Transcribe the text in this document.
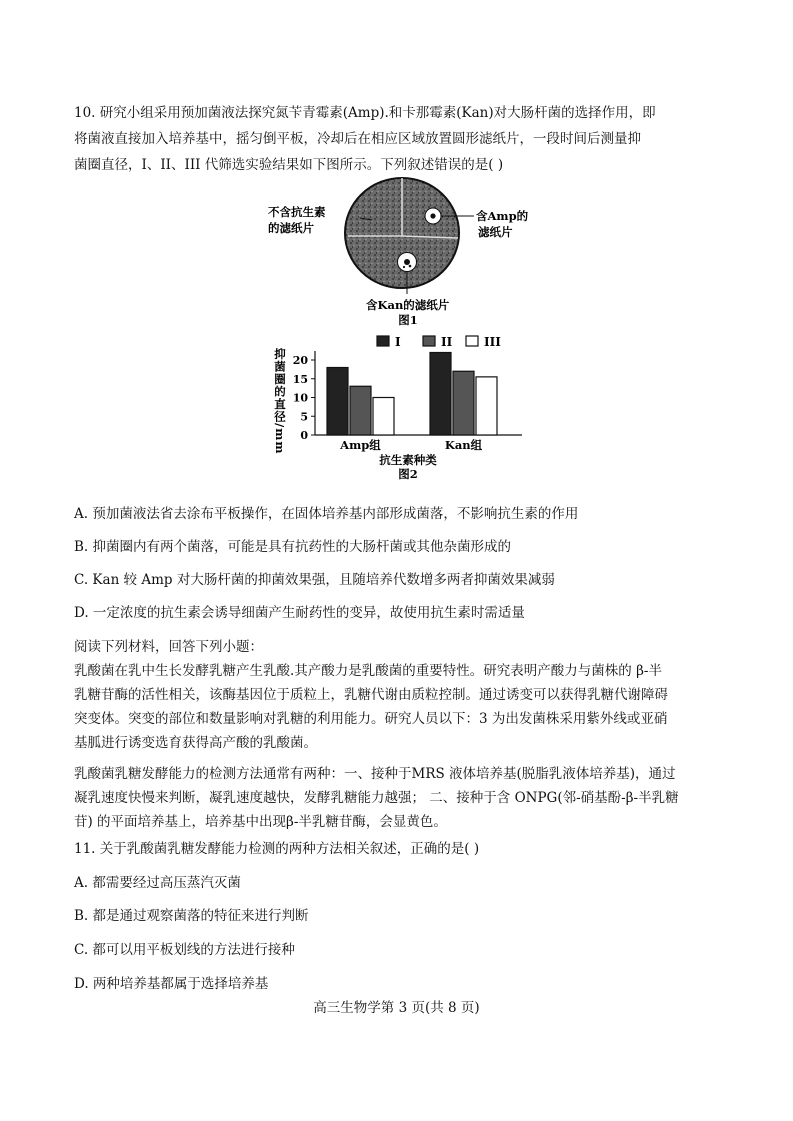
10. 研究小组采用预加菌液法探究氮苄青霉素(Amp).和卡那霉素(Kan)对大肠杆菌的选择作用，即
将菌液直接加入培养基中，摇匀倒平板，冷却后在相应区域放置圆形滤纸片，一段时间后测量抑
菌圈直径，I、II、III 代筛选实验结果如下图所示。下列叙述错误的是( )
不含抗生素
的滤纸片
含Amp的
滤纸片
含Kan的滤纸片
图1
I	II	III
抑菌圈的直径/mm 0
5
10
15
20
Amp组	Kan组
抗生素种类
图2
A. 预加菌液法省去涂布平板操作，在固体培养基内部形成菌落，不影响抗生素的作用
B. 抑菌圈内有两个菌落，可能是具有抗药性的大肠杆菌或其他杂菌形成的
C. Kan 较 Amp 对大肠杆菌的抑菌效果强，且随培养代数增多两者抑菌效果减弱
D. 一定浓度的抗生素会诱导细菌产生耐药性的变异，故使用抗生素时需适量
阅读下列材料，回答下列小题：
乳酸菌在乳中生长发酵乳糖产生乳酸.其产酸力是乳酸菌的重要特性。研究表明产酸力与菌株的 β-半
乳糖苷酶的活性相关，该酶基因位于质粒上，乳糖代谢由质粒控制。通过诱变可以获得乳糖代谢障碍
突变体。突变的部位和数量影响对乳糖的利用能力。研究人员以下：3 为出发菌株采用紫外线或亚硝
基胍进行诱变选育获得高产酸的乳酸菌。
乳酸菌乳糖发酵能力的检测方法通常有两种：一、接种于MRS 液体培养基(脱脂乳液体培养基)，通过
凝乳速度快慢来判断，凝乳速度越快，发酵乳糖能力越强； 二、接种于含 ONPG(邻-硝基酚-β-半乳糖
苷) 的平面培养基上，培养基中出现β-半乳糖苷酶，会显黄色。
11. 关于乳酸菌乳糖发酵能力检测的两种方法相关叙述，正确的是( )
A. 都需要经过高压蒸汽灭菌
B. 都是通过观察菌落的特征来进行判断
C. 都可以用平板划线的方法进行接种
D. 两种培养基都属于选择培养基
高三生物学第 3 页(共 8 页)
